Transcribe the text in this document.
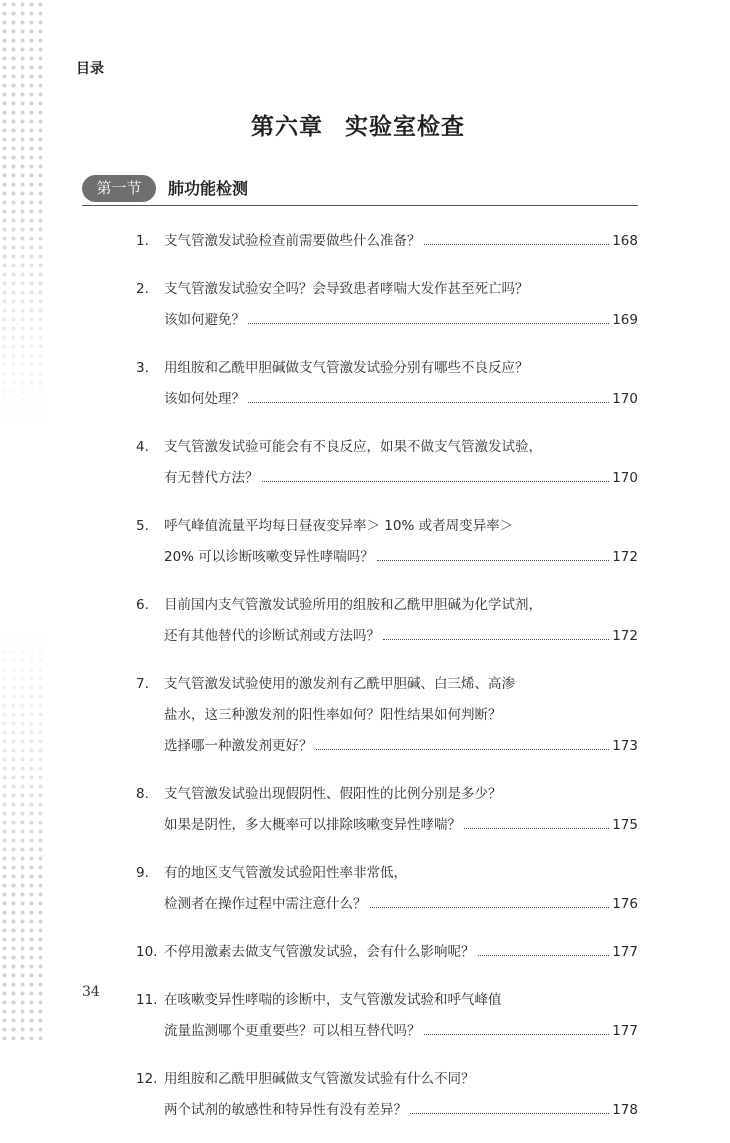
目录
第六章 实验室检查
第一节	肺功能检测
1. 支气管激发试验检查前需要做些什么准备？	168
2. 支气管激发试验安全吗？会导致患者哮喘大发作甚至死亡吗？
该如何避免？	169
3. 用组胺和乙酰甲胆碱做支气管激发试验分别有哪些不良反应？
该如何处理？	170
4. 支气管激发试验可能会有不良反应，如果不做支气管激发试验，
有无替代方法？	170
5. 呼气峰值流量平均每日昼夜变异率＞ 10% 或者周变异率＞
20% 可以诊断咳嗽变异性哮喘吗？	172
6. 目前国内支气管激发试验所用的组胺和乙酰甲胆碱为化学试剂，
还有其他替代的诊断试剂或方法吗？	172
7. 支气管激发试验使用的激发剂有乙酰甲胆碱、白三烯、高渗
盐水，这三种激发剂的阳性率如何？阳性结果如何判断？
选择哪一种激发剂更好？	173
8. 支气管激发试验出现假阴性、假阳性的比例分别是多少？
如果是阴性，多大概率可以排除咳嗽变异性哮喘？	175
9. 有的地区支气管激发试验阳性率非常低，
检测者在操作过程中需注意什么？	176
10. 不停用激素去做支气管激发试验，会有什么影响呢？	177
11. 在咳嗽变异性哮喘的诊断中，支气管激发试验和呼气峰值
流量监测哪个更重要些？可以相互替代吗？	177
12. 用组胺和乙酰甲胆碱做支气管激发试验有什么不同？
两个试剂的敏感性和特异性有没有差异？	178
34
